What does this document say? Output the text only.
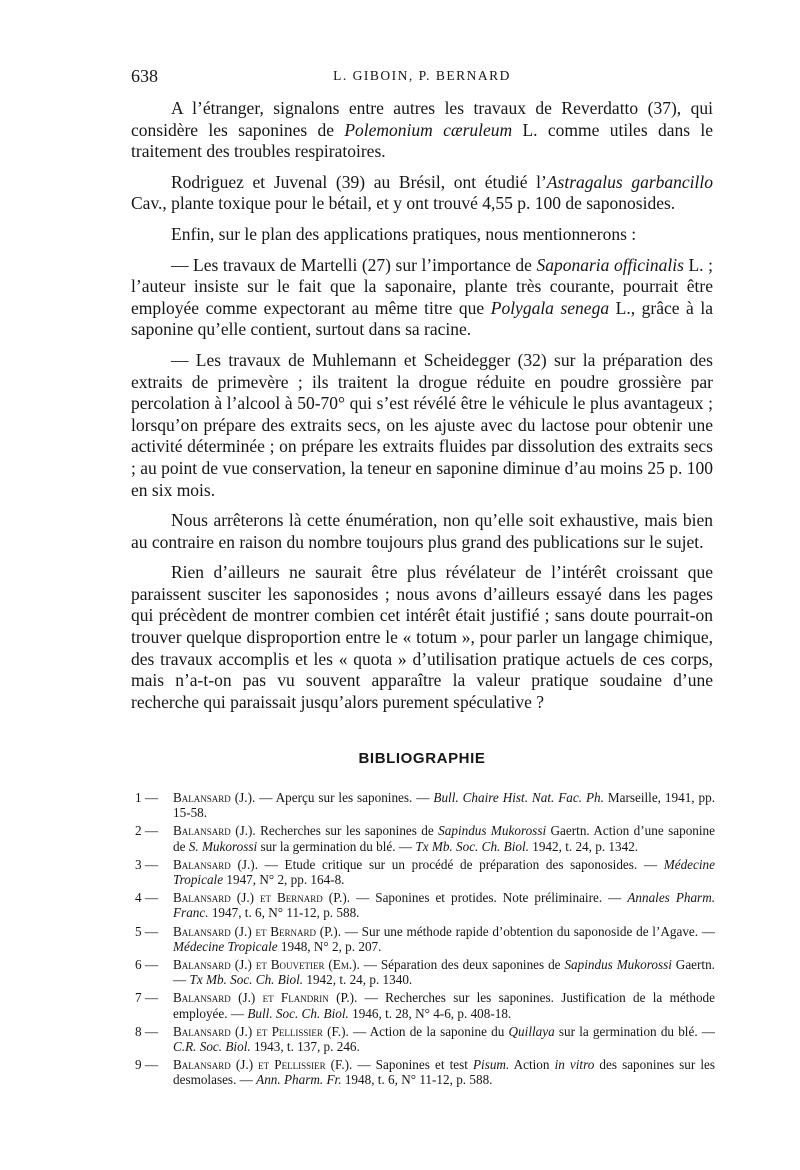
638	L. GIBOIN, P. BERNARD

A l’étranger, signalons entre autres les travaux de Reverdatto (37), qui considère les saponines de Polemonium cæruleum L. comme utiles dans le traitement des troubles respiratoires.

Rodriguez et Juvenal (39) au Brésil, ont étudié l’Astragalus garbancillo Cav., plante toxique pour le bétail, et y ont trouvé 4,55 p. 100 de saponosides.

Enfin, sur le plan des applications pratiques, nous mentionnerons :

— Les travaux de Martelli (27) sur l’importance de Saponaria officinalis L. ; l’auteur insiste sur le fait que la saponaire, plante très courante, pourrait être employée comme expectorant au même titre que Polygala senega L., grâce à la saponine qu’elle contient, surtout dans sa racine.

— Les travaux de Muhlemann et Scheidegger (32) sur la préparation des extraits de primevère ; ils traitent la drogue réduite en poudre grossière par percolation à l’alcool à 50-70° qui s’est révélé être le véhicule le plus avantageux ; lorsqu’on prépare des extraits secs, on les ajuste avec du lactose pour obtenir une activité déterminée ; on prépare les extraits fluides par dissolution des extraits secs ; au point de vue conservation, la teneur en saponine diminue d’au moins 25 p. 100 en six mois.

Nous arrêterons là cette énumération, non qu’elle soit exhaustive, mais bien au contraire en raison du nombre toujours plus grand des publications sur le sujet.

Rien d’ailleurs ne saurait être plus révélateur de l’intérêt croissant que paraissent susciter les saponosides ; nous avons d’ailleurs essayé dans les pages qui précèdent de montrer combien cet intérêt était justifié ; sans doute pourrait-on trouver quelque disproportion entre le « totum », pour parler un langage chimique, des travaux accomplis et les « quota » d’utilisation pratique actuels de ces corps, mais n’a-t-on pas vu souvent apparaître la valeur pratique soudaine d’une recherche qui paraissait jusqu’alors purement spéculative ?

BIBLIOGRAPHIE
1 —	Balansard (J.). — Aperçu sur les saponines. — Bull. Chaire Hist. Nat. Fac. Ph. Marseille, 1941, pp. 15-58.
2 —	Balansard (J.). Recherches sur les saponines de Sapindus Mukorossi Gaertn. Action d’une saponine de S. Mukorossi sur la germination du blé. — Tx Mb. Soc. Ch. Biol. 1942, t. 24, p. 1342.
3 —	Balansard (J.). — Etude critique sur un procédé de préparation des saponosides. — Médecine Tropicale 1947, N° 2, pp. 164-8.
4 —	Balansard (J.) et Bernard (P.). — Saponines et protides. Note préliminaire. — Annales Pharm. Franc. 1947, t. 6, N° 11-12, p. 588.
5 —	Balansard (J.) et Bernard (P.). — Sur une méthode rapide d’obtention du saponoside de l’Agave. — Médecine Tropicale 1948, N° 2, p. 207.
6 —	Balansard (J.) et Bouvetier (Em.). — Séparation des deux saponines de Sapindus Mukorossi Gaertn. — Tx Mb. Soc. Ch. Biol. 1942, t. 24, p. 1340.
7 —	Balansard (J.) et Flandrin (P.). — Recherches sur les saponines. Justification de la méthode employée. — Bull. Soc. Ch. Biol. 1946, t. 28, N° 4-6, p. 408-18.
8 —	Balansard (J.) et Pellissier (F.). — Action de la saponine du Quillaya sur la germination du blé. — C.R. Soc. Biol. 1943, t. 137, p. 246.
9 —	Balansard (J.) et Pellissier (F.). — Saponines et test Pisum. Action in vitro des saponines sur les desmolases. — Ann. Pharm. Fr. 1948, t. 6, N° 11-12, p. 588.
